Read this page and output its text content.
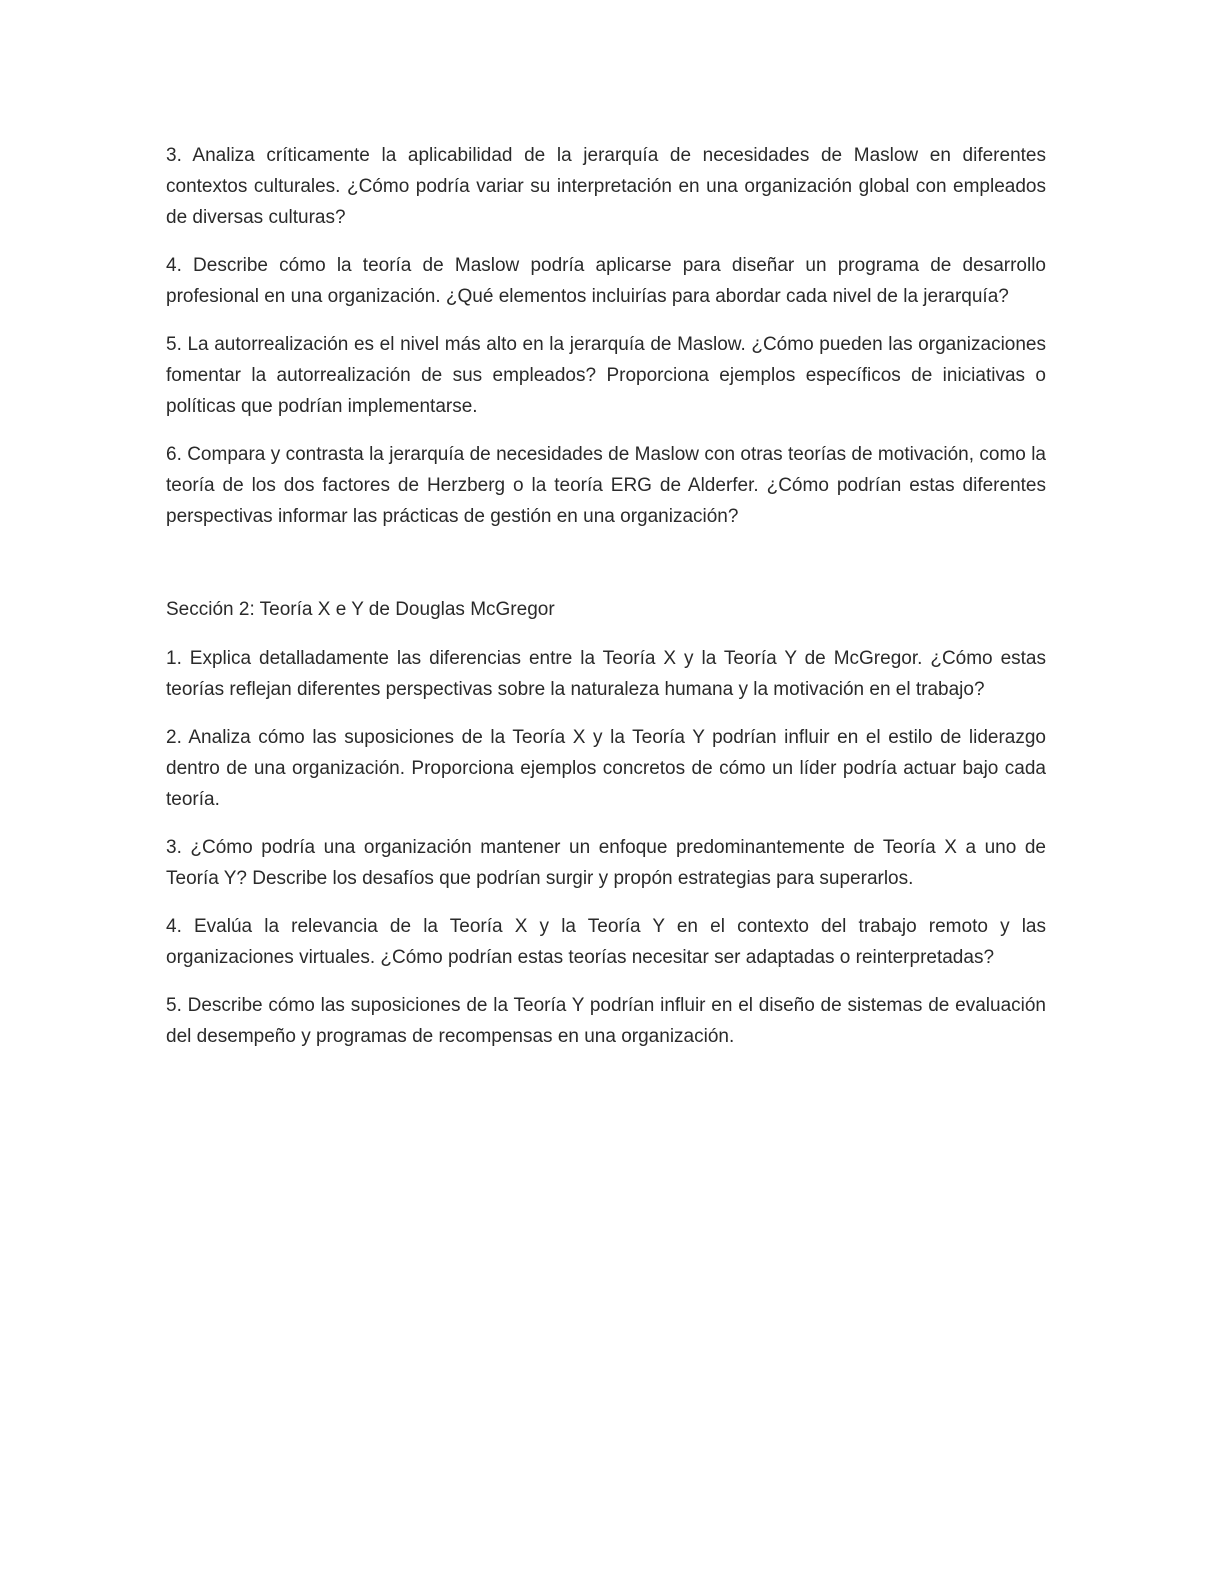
3. Analiza críticamente la aplicabilidad de la jerarquía de necesidades de Maslow en diferentes contextos culturales. ¿Cómo podría variar su interpretación en una organización global con empleados de diversas culturas?

4. Describe cómo la teoría de Maslow podría aplicarse para diseñar un programa de desarrollo profesional en una organización. ¿Qué elementos incluirías para abordar cada nivel de la jerarquía?

5. La autorrealización es el nivel más alto en la jerarquía de Maslow. ¿Cómo pueden las organizaciones fomentar la autorrealización de sus empleados? Proporciona ejemplos específicos de iniciativas o políticas que podrían implementarse.

6. Compara y contrasta la jerarquía de necesidades de Maslow con otras teorías de motivación, como la teoría de los dos factores de Herzberg o la teoría ERG de Alderfer. ¿Cómo podrían estas diferentes perspectivas informar las prácticas de gestión en una organización?

Sección 2: Teoría X e Y de Douglas McGregor

1. Explica detalladamente las diferencias entre la Teoría X y la Teoría Y de McGregor. ¿Cómo estas teorías reflejan diferentes perspectivas sobre la naturaleza humana y la motivación en el trabajo?

2. Analiza cómo las suposiciones de la Teoría X y la Teoría Y podrían influir en el estilo de liderazgo dentro de una organización. Proporciona ejemplos concretos de cómo un líder podría actuar bajo cada teoría.

3. ¿Cómo podría una organización mantener un enfoque predominantemente de Teoría X a uno de Teoría Y? Describe los desafíos que podrían surgir y propón estrategias para superarlos.

4. Evalúa la relevancia de la Teoría X y la Teoría Y en el contexto del trabajo remoto y las organizaciones virtuales. ¿Cómo podrían estas teorías necesitar ser adaptadas o reinterpretadas?

5. Describe cómo las suposiciones de la Teoría Y podrían influir en el diseño de sistemas de evaluación del desempeño y programas de recompensas en una organización.
